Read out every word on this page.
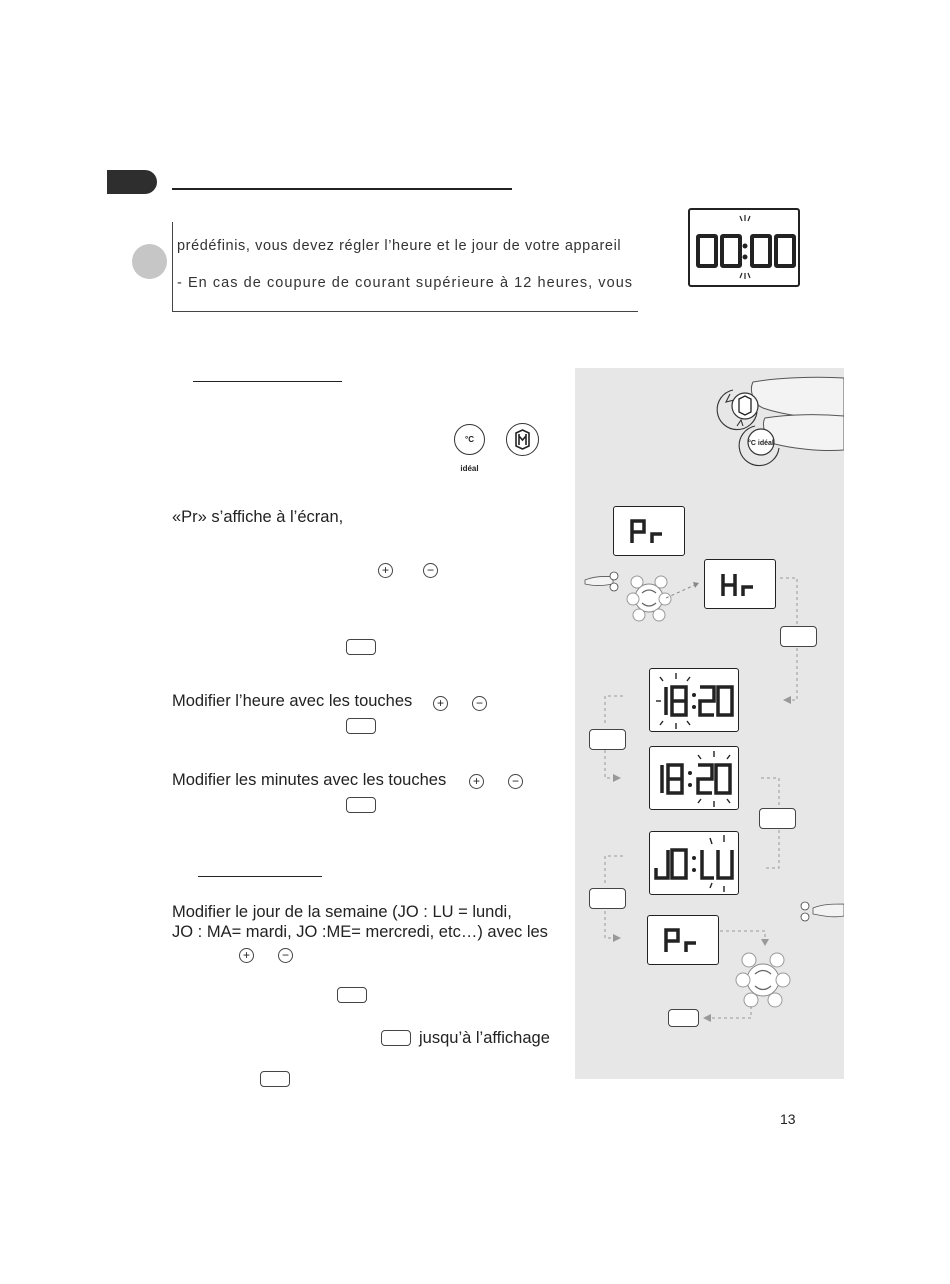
prédéfinis, vous devez régler l’heure et le jour de votre appareil
- En cas de coupure de courant supérieure à 12 heures, vous
°C idéal
«Pr» s’affiche à l’écran,
+	−
Modifier l’heure avec les touches	+	−
Modifier les minutes avec les touches	+	−
Modifier le jour de la semaine (JO : LU = lundi,
JO : MA= mardi, JO :ME= mercredi, etc…) avec les
+	−
jusqu’à l’affichage
°C idéal
13
